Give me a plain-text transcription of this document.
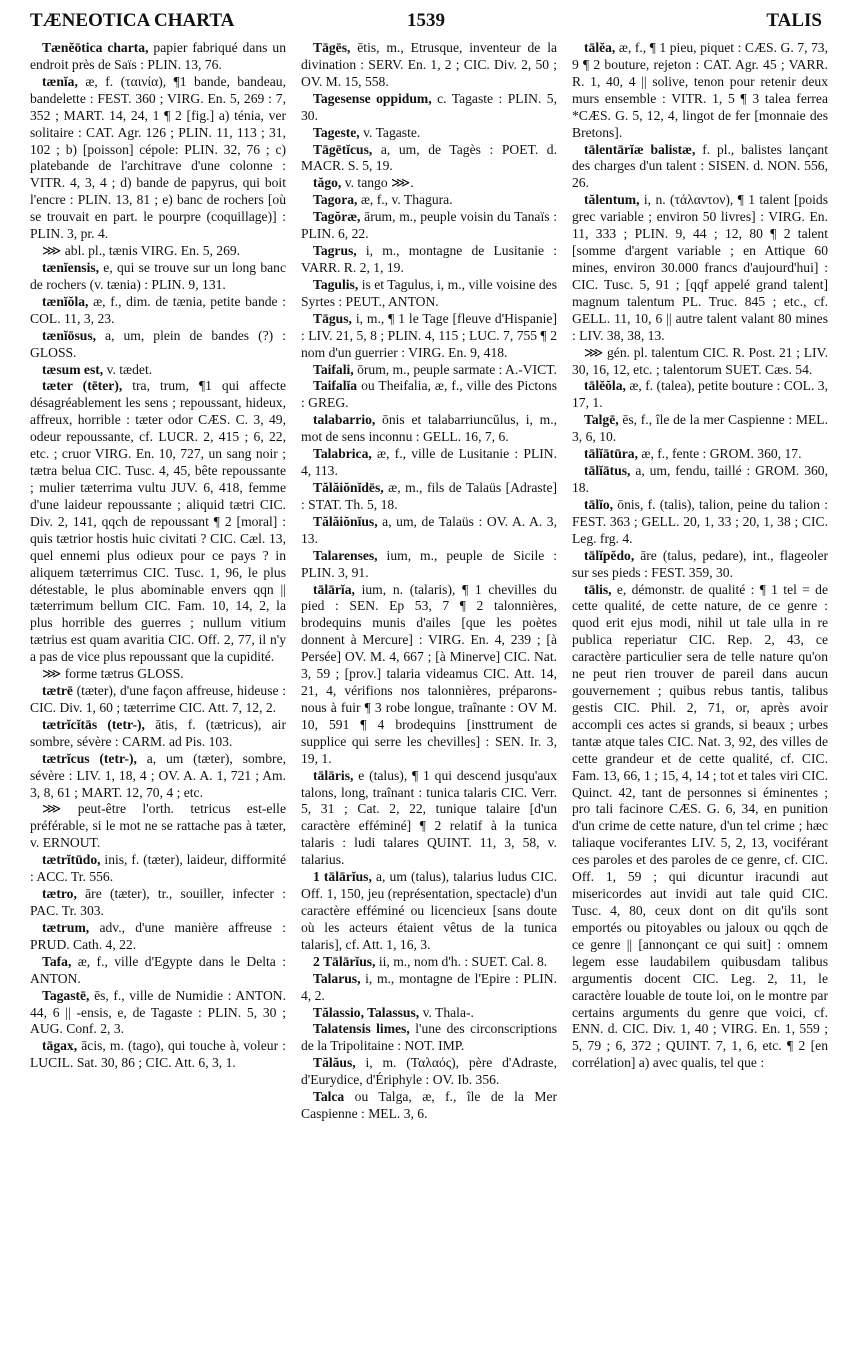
TÆNEOTICA CHARTA	1539	TALIS

Tænĕōtica charta, papier fabriqué dans un endroit près de Saïs : PLIN. 13, 76.

tænĭa, æ, f. (ταινία), ¶1 bande, bandeau, bandelette : FEST. 360 ; VIRG. En. 5, 269 : 7, 352 ; MART. 14, 24, 1 ¶ 2 [fig.] a) ténia, ver solitaire : CAT. Agr. 126 ; PLIN. 11, 113 ; 31, 102 ; b) [poisson] cépole: PLIN. 32, 76 ; c) platebande de l'architrave d'une colonne : VITR. 4, 3, 4 ; d) bande de papyrus, qui boit l'encre : PLIN. 13, 81 ; e) banc de rochers [où se trouvait en part. le pourpre (coquillage)] : PLIN. 3, pr. 4.

⋙ abl. pl., tænis VIRG. En. 5, 269.

tænĭensis, e, qui se trouve sur un long banc de rochers (v. tænia) : PLIN. 9, 131.

tænĭŏla, æ, f., dim. de tænia, petite bande : COL. 11, 3, 23.

tænĭōsus, a, um, plein de bandes (?) : GLOSS.

tæsum est, v. tædet.

tæter (tēter), tra, trum, ¶1 qui affecte désagréablement les sens ; repoussant, hideux, affreux, horrible : tæter odor CÆS. C. 3, 49, odeur repoussante, cf. LUCR. 2, 415 ; 6, 22, etc. ; cruor VIRG. En. 10, 727, un sang noir ; tætra belua CIC. Tusc. 4, 45, bête repoussante ; mulier tæterrima vultu JUV. 6, 418, femme d'une laideur repoussante ; aliquid tætri CIC. Div. 2, 141, qqch de repoussant ¶ 2 [moral] : quis tætrior hostis huic civitati ? CIC. Cæl. 13, quel ennemi plus odieux pour ce pays ? in aliquem tæterrimus CIC. Tusc. 1, 96, le plus détestable, le plus abominable envers qqn || tæterrimum bellum CIC. Fam. 10, 14, 2, la plus horrible des guerres ; nullum vitium tætrius est quam avaritia CIC. Off. 2, 77, il n'y a pas de vice plus repoussant que la cupidité.

⋙ forme tætrus GLOSS.

tætrē (tæter), d'une façon affreuse, hideuse : CIC. Div. 1, 60 ; tæterrime CIC. Att. 7, 12, 2.

tætrĭcĭtās (tetr-), ātis, f. (tætricus), air sombre, sévère : CARM. ad Pis. 103.

tætrĭcus (tetr-), a, um (tæter), sombre, sévère : LIV. 1, 18, 4 ; OV. A. A. 1, 721 ; Am. 3, 8, 61 ; MART. 12, 70, 4 ; etc.

⋙ peut-être l'orth. tetricus est-elle préférable, si le mot ne se rattache pas à tæter, v. ERNOUT.

tætrĭtūdo, inis, f. (tæter), laideur, difformité : ACC. Tr. 556.

tætro, āre (tæter), tr., souiller, infecter : PAC. Tr. 303.

tætrum, adv., d'une manière affreuse : PRUD. Cath. 4, 22.

Tafa, æ, f., ville d'Egypte dans le Delta : ANTON.

Tagastē, ēs, f., ville de Numidie : ANTON. 44, 6 || -ensis, e, de Tagaste : PLIN. 5, 30 ; AUG. Conf. 2, 3.

tāgax, ācis, m. (tago), qui touche à, voleur : LUCIL. Sat. 30, 86 ; CIC. Att. 6, 3, 1.

Tāgēs, ētis, m., Etrusque, inventeur de la divination : SERV. En. 1, 2 ; CIC. Div. 2, 50 ; OV. M. 15, 558.

Tagesense oppidum, c. Tagaste : PLIN. 5, 30.

Tageste, v. Tagaste.

Tāgētĭcus, a, um, de Tagès : POET. d. MACR. S. 5, 19.

tăgo, v. tango ⋙.

Tagora, æ, f., v. Thagura.

Tagŏræ, ārum, m., peuple voisin du Tanaïs : PLIN. 6, 22.

Tagrus, i, m., montagne de Lusitanie : VARR. R. 2, 1, 19.

Tagulis, is et Tagulus, i, m., ville voisine des Syrtes : PEUT., ANTON.

Tāgus, i, m., ¶ 1 le Tage [fleuve d'Hispanie] : LIV. 21, 5, 8 ; PLIN. 4, 115 ; LUC. 7, 755 ¶ 2 nom d'un guerrier : VIRG. En. 9, 418.

Taifali, ōrum, m., peuple sarmate : A.-VICT.

Taifalĭa ou Theifalia, æ, f., ville des Pictons : GREG.

talabarrio, ōnis et talabarriuncŭlus, i, m., mot de sens inconnu : GELL. 16, 7, 6.

Talabrica, æ, f., ville de Lusitanie : PLIN. 4, 113.

Tălăiŏnĭdēs, æ, m., fils de Talaüs [Adraste] : STAT. Th. 5, 18.

Tălăiŏnĭus, a, um, de Talaüs : OV. A. A. 3, 13.

Talarenses, ium, m., peuple de Sicile : PLIN. 3, 91.

tālārĭa, ium, n. (talaris), ¶ 1 chevilles du pied : SEN. Ep 53, 7 ¶ 2 talonnières, brodequins munis d'ailes [que les poètes donnent à Mercure] : VIRG. En. 4, 239 ; [à Persée] OV. M. 4, 667 ; [à Minerve] CIC. Nat. 3, 59 ; [prov.] talaria videamus CIC. Att. 14, 21, 4, vérifions nos talonnières, préparons-nous à fuir ¶ 3 robe longue, traînante : OV M. 10, 591 ¶ 4 brodequins [insttrument de supplice qui serre les chevilles] : SEN. Ir. 3, 19, 1.

tālāris, e (talus), ¶ 1 qui descend jusqu'aux talons, long, traînant : tunica talaris CIC. Verr. 5, 31 ; Cat. 2, 22, tunique talaire [d'un caractère efféminé] ¶ 2 relatif à la tunica talaris : ludi talares QUINT. 11, 3, 58, v. talarius.

1 tālārĭus, a, um (talus), talarius ludus CIC. Off. 1, 150, jeu (représentation, spectacle) d'un caractère efféminé ou licencieux [sans doute où les acteurs étaient vêtus de la tunica talaris], cf. Att. 1, 16, 3.

2 Tālārĭus, ii, m., nom d'h. : SUET. Cal. 8.

Talarus, i, m., montagne de l'Epire : PLIN. 4, 2.

Tălassio, Talassus, v. Thala-.

Talatensis limes, l'une des circonscriptions de la Tripolitaine : NOT. IMP.

Tălăus, i, m. (Ταλαός), père d'Adraste, d'Eurydice, d'Ériphyle : OV. Ib. 356.

Talca ou Talga, æ, f., île de la Mer Caspienne : MEL. 3, 6.

tālĕa, æ, f., ¶ 1 pieu, piquet : CÆS. G. 7, 73, 9 ¶ 2 bouture, rejeton : CAT. Agr. 45 ; VARR. R. 1, 40, 4 || solive, tenon pour retenir deux murs ensemble : VITR. 1, 5 ¶ 3 talea ferrea *CÆS. G. 5, 12, 4, lingot de fer [monnaie des Bretons].

tālentārĭæ balistæ, f. pl., balistes lançant des charges d'un talent : SISEN. d. NON. 556, 26.

tălentum, i, n. (τάλαντον), ¶ 1 talent [poids grec variable ; environ 50 livres] : VIRG. En. 11, 333 ; PLIN. 9, 44 ; 12, 80 ¶ 2 talent [somme d'argent variable ; en Attique 60 mines, environ 30.000 francs d'aujourd'hui] : CIC. Tusc. 5, 91 ; [qqf appelé grand talent] magnum talentum PL. Truc. 845 ; etc., cf. GELL. 11, 10, 6 || autre talent valant 80 mines : LIV. 38, 38, 13.

⋙ gén. pl. talentum CIC. R. Post. 21 ; LIV. 30, 16, 12, etc. ; talentorum SUET. Cæs. 54.

tālĕŏla, æ, f. (talea), petite bouture : COL. 3, 17, 1.

Talgē, ēs, f., île de la mer Caspienne : MEL. 3, 6, 10.

tālĭātūra, æ, f., fente : GROM. 360, 17.

tālĭātus, a, um, fendu, taillé : GROM. 360, 18.

tālĭo, ōnis, f. (talis), talion, peine du talion : FEST. 363 ; GELL. 20, 1, 33 ; 20, 1, 38 ; CIC. Leg. frg. 4.

tālĭpĕdo, āre (talus, pedare), int., flageoler sur ses pieds : FEST. 359, 30.

tālis, e, démonstr. de qualité : ¶ 1 tel = de cette qualité, de cette nature, de ce genre : quod erit ejus modi, nihil ut tale ulla in re publica reperiatur CIC. Rep. 2, 43, ce caractère particulier sera de telle nature qu'on ne peut rien trouver de pareil dans aucun gouvernement ; quibus rebus tantis, talibus gestis CIC. Phil. 2, 71, or, après avoir accompli ces actes si grands, si beaux ; urbes tantæ atque tales CIC. Nat. 3, 92, des villes de cette grandeur et de cette qualité, cf. CIC. Fam. 13, 66, 1 ; 15, 4, 14 ; tot et tales viri CIC. Quinct. 42, tant de personnes si éminentes ; pro tali facinore CÆS. G. 6, 34, en punition d'un crime de cette nature, d'un tel crime ; hæc taliaque vociferantes LIV. 5, 2, 13, vociférant ces paroles et des paroles de ce genre, cf. CIC. Off. 1, 59 ; qui dicuntur iracundi aut misericordes aut invidi aut tale quid CIC. Tusc. 4, 80, ceux dont on dit qu'ils sont emportés ou pitoyables ou jaloux ou qqch de ce genre || [annonçant ce qui suit] : omnem legem esse laudabilem quibusdam talibus argumentis docent CIC. Leg. 2, 11, le caractère louable de toute loi, on le montre par certains arguments du genre que voici, cf. ENN. d. CIC. Div. 1, 40 ; VIRG. En. 1, 559 ; 5, 79 ; 6, 372 ; QUINT. 7, 1, 6, etc. ¶ 2 [en corrélation] a) avec qualis, tel que :
